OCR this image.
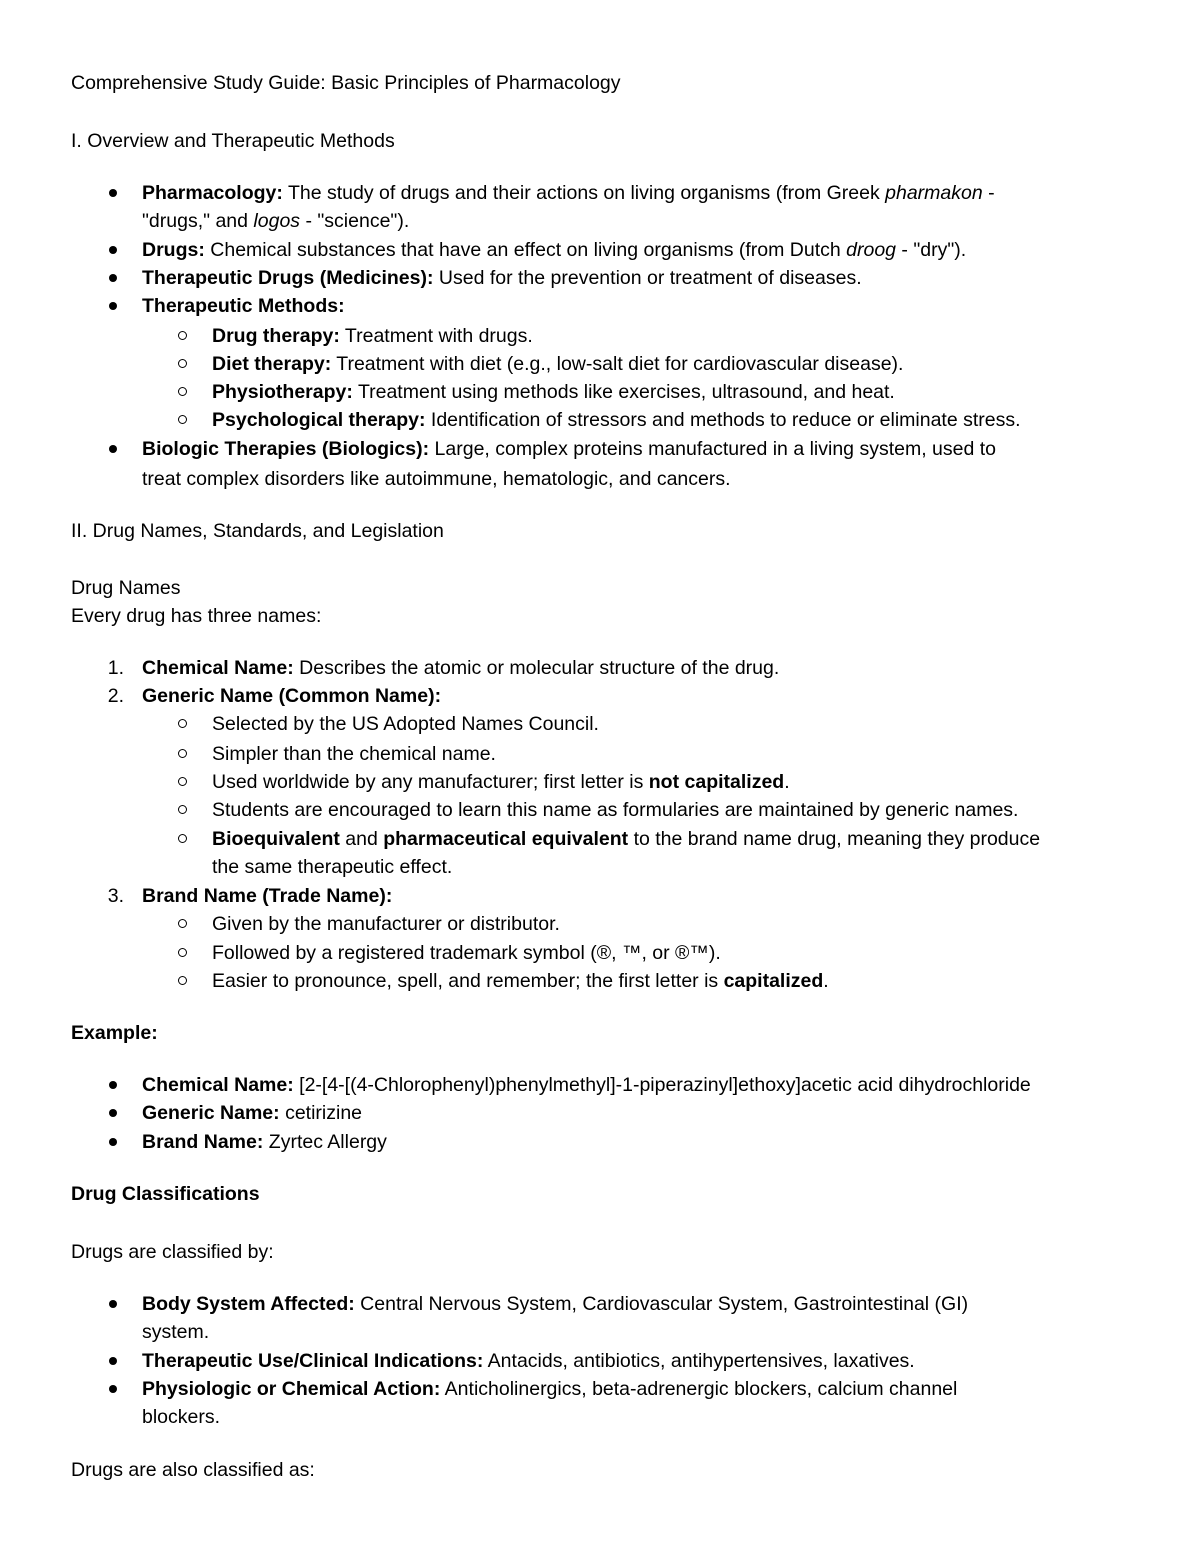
Comprehensive Study Guide: Basic Principles of Pharmacology
I. Overview and Therapeutic Methods
Pharmacology: The study of drugs and their actions on living organisms (from Greek pharmakon -
"drugs," and logos - "science").
Drugs: Chemical substances that have an effect on living organisms (from Dutch droog - "dry").
Therapeutic Drugs (Medicines): Used for the prevention or treatment of diseases.
Therapeutic Methods:
Drug therapy: Treatment with drugs.
Diet therapy: Treatment with diet (e.g., low-salt diet for cardiovascular disease).
Physiotherapy: Treatment using methods like exercises, ultrasound, and heat.
Psychological therapy: Identification of stressors and methods to reduce or eliminate stress.
Biologic Therapies (Biologics): Large, complex proteins manufactured in a living system, used to
treat complex disorders like autoimmune, hematologic, and cancers.
II. Drug Names, Standards, and Legislation
Drug Names
Every drug has three names:
1. Chemical Name: Describes the atomic or molecular structure of the drug.
2. Generic Name (Common Name):
Selected by the US Adopted Names Council.
Simpler than the chemical name.
Used worldwide by any manufacturer; first letter is not capitalized.
Students are encouraged to learn this name as formularies are maintained by generic names.
Bioequivalent and pharmaceutical equivalent to the brand name drug, meaning they produce
the same therapeutic effect.
3. Brand Name (Trade Name):
Given by the manufacturer or distributor.
Followed by a registered trademark symbol (®, ™, or ®™).
Easier to pronounce, spell, and remember; the first letter is capitalized.
Example:
Chemical Name: [2-[4-[(4-Chlorophenyl)phenylmethyl]-1-piperazinyl]ethoxy]acetic acid dihydrochloride
Generic Name: cetirizine
Brand Name: Zyrtec Allergy
Drug Classifications
Drugs are classified by:
Body System Affected: Central Nervous System, Cardiovascular System, Gastrointestinal (GI)
system.
Therapeutic Use/Clinical Indications: Antacids, antibiotics, antihypertensives, laxatives.
Physiologic or Chemical Action: Anticholinergics, beta-adrenergic blockers, calcium channel
blockers.
Drugs are also classified as:
